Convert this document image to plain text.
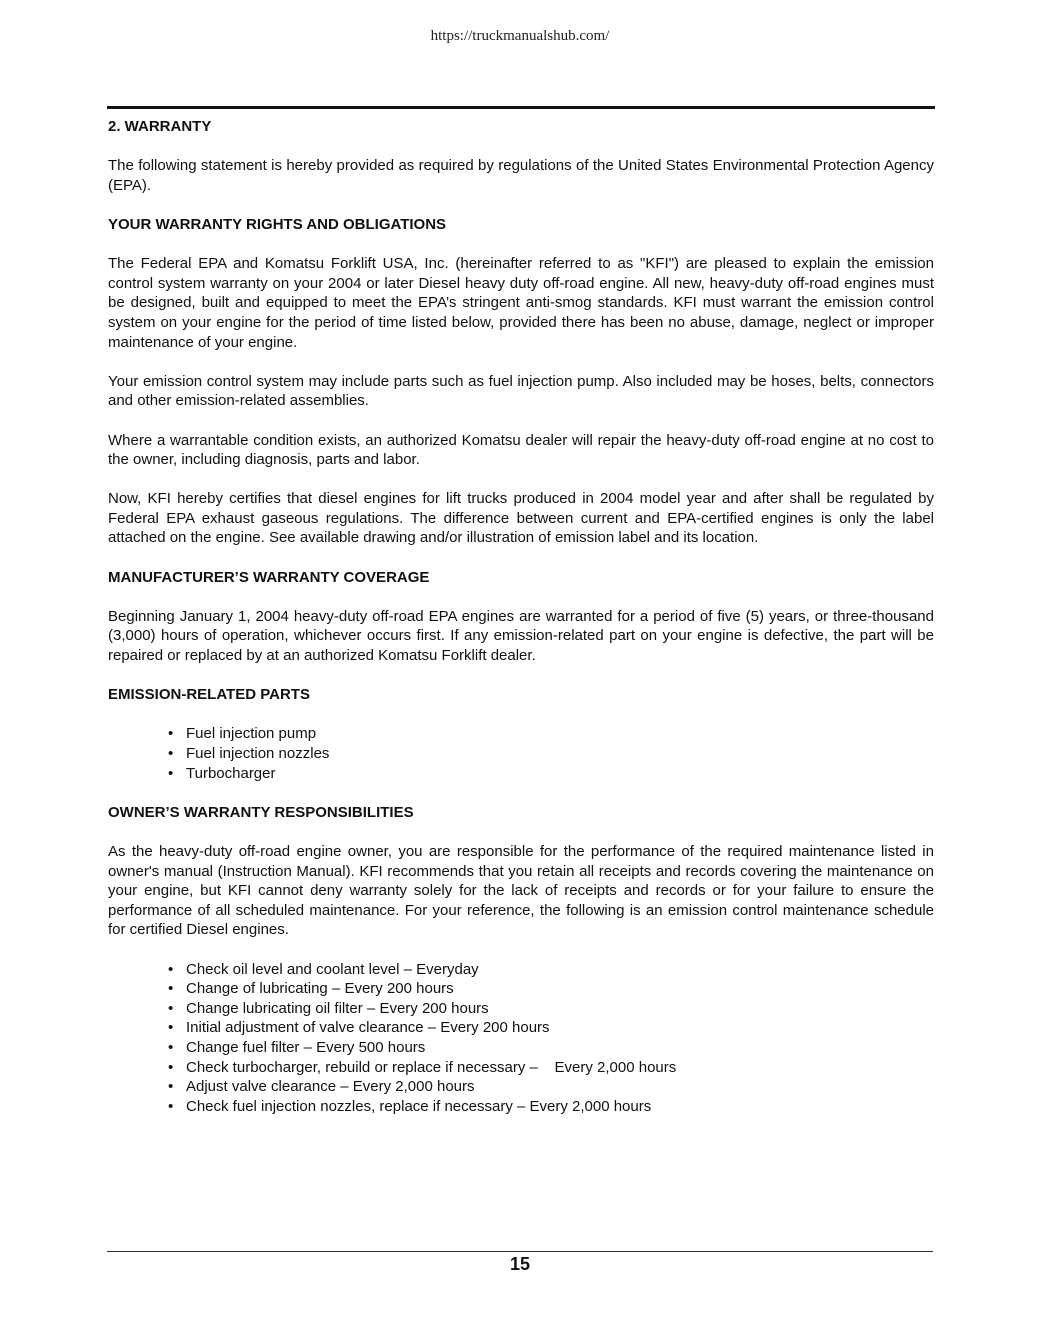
https://truckmanualshub.com/
2. WARRANTY

The following statement is hereby provided as required by regulations of the United States Environmental Protection Agency (EPA).

YOUR WARRANTY RIGHTS AND OBLIGATIONS

The Federal EPA and Komatsu Forklift USA, Inc. (hereinafter referred to as "KFI") are pleased to explain the emission control system warranty on your 2004 or later Diesel heavy duty off-road engine. All new, heavy-duty off-road engines must be designed, built and equipped to meet the EPA’s stringent anti-smog standards. KFI must warrant the emission control system on your engine for the period of time listed below, provided there has been no abuse, damage, neglect or improper maintenance of your engine.

Your emission control system may include parts such as fuel injection pump. Also included may be hoses, belts, connectors and other emission-related assemblies.

Where a warrantable condition exists, an authorized Komatsu dealer will repair the heavy-duty off-road engine at no cost to the owner, including diagnosis, parts and labor.

Now, KFI hereby certifies that diesel engines for lift trucks produced in 2004 model year and after shall be regulated by Federal EPA exhaust gaseous regulations. The difference between current and EPA-certified engines is only the label attached on the engine. See available drawing and/or illustration of emission label and its location.

MANUFACTURER’S WARRANTY COVERAGE

Beginning January 1, 2004 heavy-duty off-road EPA engines are warranted for a period of five (5) years, or three-thousand (3,000) hours of operation, whichever occurs first. If any emission-related part on your engine is defective, the part will be repaired or replaced by at an authorized Komatsu Forklift dealer.

EMISSION-RELATED PARTS
• Fuel injection pump
• Fuel injection nozzles
• Turbocharger
OWNER’S WARRANTY RESPONSIBILITIES

As the heavy-duty off-road engine owner, you are responsible for the performance of the required maintenance listed in owner's manual (Instruction Manual). KFI recommends that you retain all receipts and records covering the maintenance on your engine, but KFI cannot deny warranty solely for the lack of receipts and records or for your failure to ensure the performance of all scheduled maintenance. For your reference, the following is an emission control maintenance schedule for certified Diesel engines.

• Check oil level and coolant level – Everyday
• Change of lubricating – Every 200 hours
• Change lubricating oil filter – Every 200 hours
• Initial adjustment of valve clearance – Every 200 hours
• Change fuel filter – Every 500 hours
• Check turbocharger, rebuild or replace if necessary –    Every 2,000 hours
• Adjust valve clearance – Every 2,000 hours
• Check fuel injection nozzles, replace if necessary – Every 2,000 hours
15
